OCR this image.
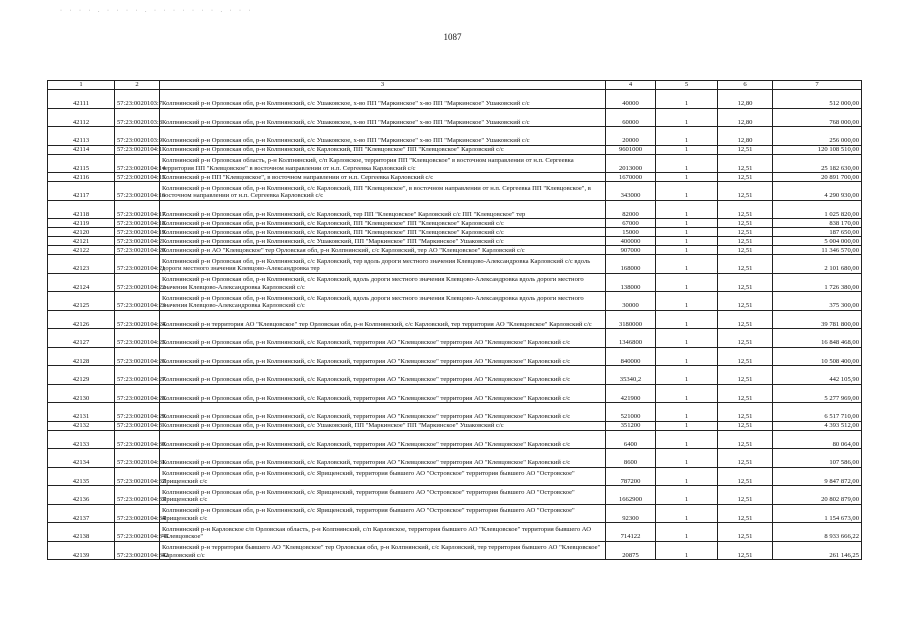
· · · · . · · · · . · · · · · · · . · · ·
1087
1	2	3	4	5	6	7
42111	57:23:0020103:7	Колпнянский р-н Орловская обл, р-н Колпнянский, с/с Ушаковское, х-во ПП "Маркинское" х-во ПП "Маркинское" Ушаковский с/с	40000	1	12,80	512 000,00
42112	57:23:0020103:8	Колпнянский р-н Орловская обл, р-н Колпнянский, с/с Ушаковское, х-во ПП "Маркинское" х-во ПП "Маркинское" Ушаковский с/с	60000	1	12,80	768 000,00
42113	57:23:0020103:9	Колпнянский р-н Орловская обл, р-н Колпнянский, с/с Ушаковское, х-во ПП "Маркинское" х-во ПП "Маркинское" Ушаковский с/с	20000	1	12,80	256 000,00
42114	57:23:0020104:1	Колпнянский р-н Орловская обл, р-н Колпнянский, с/с Карловский, ПП "Клевцовское" ПП "Клевцовское" Карловский с/с	9601000	1	12,51	120 108 510,00
42115	57:23:0020104:14	Колпнянский р-н Орловская область, р-н Колпнянский, с/п Карловское, территория ПП "Клевцовское" в восточном направлении от н.п. Сергеевка территория ПП "Клевцовское" в восточном направлении от н.п. Сергеевка Карловский с/с	2013000	1	12,51	25 182 630,00
42116	57:23:0020104:15	Колпнянский р-н ПП "Клевцовское", в восточном направлении от н.п. Сергеевка Карловский с/с	1670000	1	12,51	20 891 700,00
42117	57:23:0020104:16	Колпнянский р-н Орловская обл, р-н Колпнянский, с/с Карловский, ПП "Клевцовское", в восточном направлении от н.п. Сергеевка ПП "Клевцовское", в восточном направлении от н.п. Сергеевка Карловский с/с	343000	1	12,51	4 290 930,00
42118	57:23:0020104:17	Колпнянский р-н Орловская обл, р-н Колпнянский, с/с Карловский, тер ПП "Клевцовское" Карловский с/с ПП "Клевцовское" тер	82000	1	12,51	1 025 820,00
42119	57:23:0020104:18	Колпнянский р-н Орловская обл, р-н Колпнянский, с/с Карловский, ПП "Клевцовское" ПП "Клевцовское" Карловский с/с	67000	1	12,51	838 170,00
42120	57:23:0020104:19	Колпнянский р-н Орловская обл, р-н Колпнянский, с/с Карловский, ПП "Клевцовское" ПП "Клевцовское" Карловский с/с	15000	1	12,51	187 650,00
42121	57:23:0020104:2	Колпнянский р-н Орловская обл, р-н Колпнянский, с/с Ушаковский, ПП "Маркинское" ПП "Маркинское" Ушаковский с/с	400000	1	12,51	5 004 000,00
42122	57:23:0020104:20	Колпнянский р-н АО "Клевцовское" тер Орловская обл, р-н Колпнянский, с/с Карловский, тер АО "Клевцовское" Карловский с/с	907000	1	12,51	11 346 570,00
42123	57:23:0020104:21	Колпнянский р-н Орловская обл, р-н Колпнянский, с/с Карловский, тер вдоль дороги местного значения Клевцово-Александровка Карловский с/с вдоль дороги местного значения Клевцово-Александровка тер	168000	1	12,51	2 101 680,00
42124	57:23:0020104:22	Колпнянский р-н Орловская обл, р-н Колпнянский, с/с Карловский, вдоль дороги местного значения Клевцово-Александровка вдоль дороги местного значения Клевцово-Александровка Карловский с/с	138000	1	12,51	1 726 380,00
42125	57:23:0020104:23	Колпнянский р-н Орловская обл, р-н Колпнянский, с/с Карловский, вдоль дороги местного значения Клевцово-Александровка вдоль дороги местного значения Клевцово-Александровка Карловский с/с	30000	1	12,51	375 300,00
42126	57:23:0020104:24	Колпнянский р-н территория АО "Клевцовское" тер Орловская обл, р-н Колпнянский, с/с Карловский, тер территория АО "Клевцовское" Карловский с/с	3180000	1	12,51	39 781 800,00
42127	57:23:0020104:25	Колпнянский р-н Орловская обл, р-н Колпнянский, с/с Карловский, территория АО "Клевцовское" территория АО "Клевцовское" Карловский с/с	1346800	1	12,51	16 848 468,00
42128	57:23:0020104:26	Колпнянский р-н Орловская обл, р-н Колпнянский, с/с Карловский, территория АО "Клевцовское" территория АО "Клевцовское" Карловский с/с	840000	1	12,51	10 508 400,00
42129	57:23:0020104:27	Колпнянский р-н Орловская обл, р-н Колпнянский, с/с Карловский, территория АО "Клевцовское" территория АО "Клевцовское" Карловский с/с	35340,2	1	12,51	442 105,90
42130	57:23:0020104:28	Колпнянский р-н Орловская обл, р-н Колпнянский, с/с Карловский, территория АО "Клевцовское" территория АО "Клевцовское" Карловский с/с	421900	1	12,51	5 277 969,00
42131	57:23:0020104:29	Колпнянский р-н Орловская обл, р-н Колпнянский, с/с Карловский, территория АО "Клевцовское" территория АО "Клевцовское" Карловский с/с	521000	1	12,51	6 517 710,00
42132	57:23:0020104:3	Колпнянский р-н Орловская обл, р-н Колпнянский, с/с Ушаковский, ПП "Маркинское" ПП "Маркинское" Ушаковский с/с	351200	1	12,51	4 393 512,00
42133	57:23:0020104:30	Колпнянский р-н Орловская обл, р-н Колпнянский, с/с Карловский, территория АО "Клевцовское" территория АО "Клевцовское" Карловский с/с	6400	1	12,51	80 064,00
42134	57:23:0020104:31	Колпнянский р-н Орловская обл, р-н Колпнянский, с/с Карловский, территория АО "Клевцовское" территория АО "Клевцовское" Карловский с/с	8600	1	12,51	107 586,00
42135	57:23:0020104:32	Колпнянский р-н Орловская обл, р-н Колпнянский, с/с Ярищенский, территория бывшего АО "Островское" территория бывшего АО "Островское" Ярищенский с/с	787200	1	12,51	9 847 872,00
42136	57:23:0020104:33	Колпнянский р-н Орловская обл, р-н Колпнянский, с/с Ярищенский, территория бывшего АО "Островское" территория бывшего АО "Островское" Ярищенский с/с	1662900	1	12,51	20 802 879,00
42137	57:23:0020104:34	Колпнянский р-н Орловская обл, р-н Колпнянский, с/с Ярищенский, территория бывшего АО "Островское" территория бывшего АО "Островское" Ярищенский с/с	92300	1	12,51	1 154 673,00
42138	57:23:0020104:341	Колпнянский р-н Карловское с/п Орловская область, р-н Колпнянский, с/п Карловское, территория бывшего АО "Клевцовское" территория бывшего АО "Клевцовское"	714122	1	12,51	8 933 666,22
42139	57:23:0020104:342	Колпнянский р-н территория бывшего АО "Клевцовское" тер Орловская обл, р-н Колпнянский, с/с Карловский, тер территория бывшего АО "Клевцовское" Карловский с/с	20875	1	12,51	261 146,25
